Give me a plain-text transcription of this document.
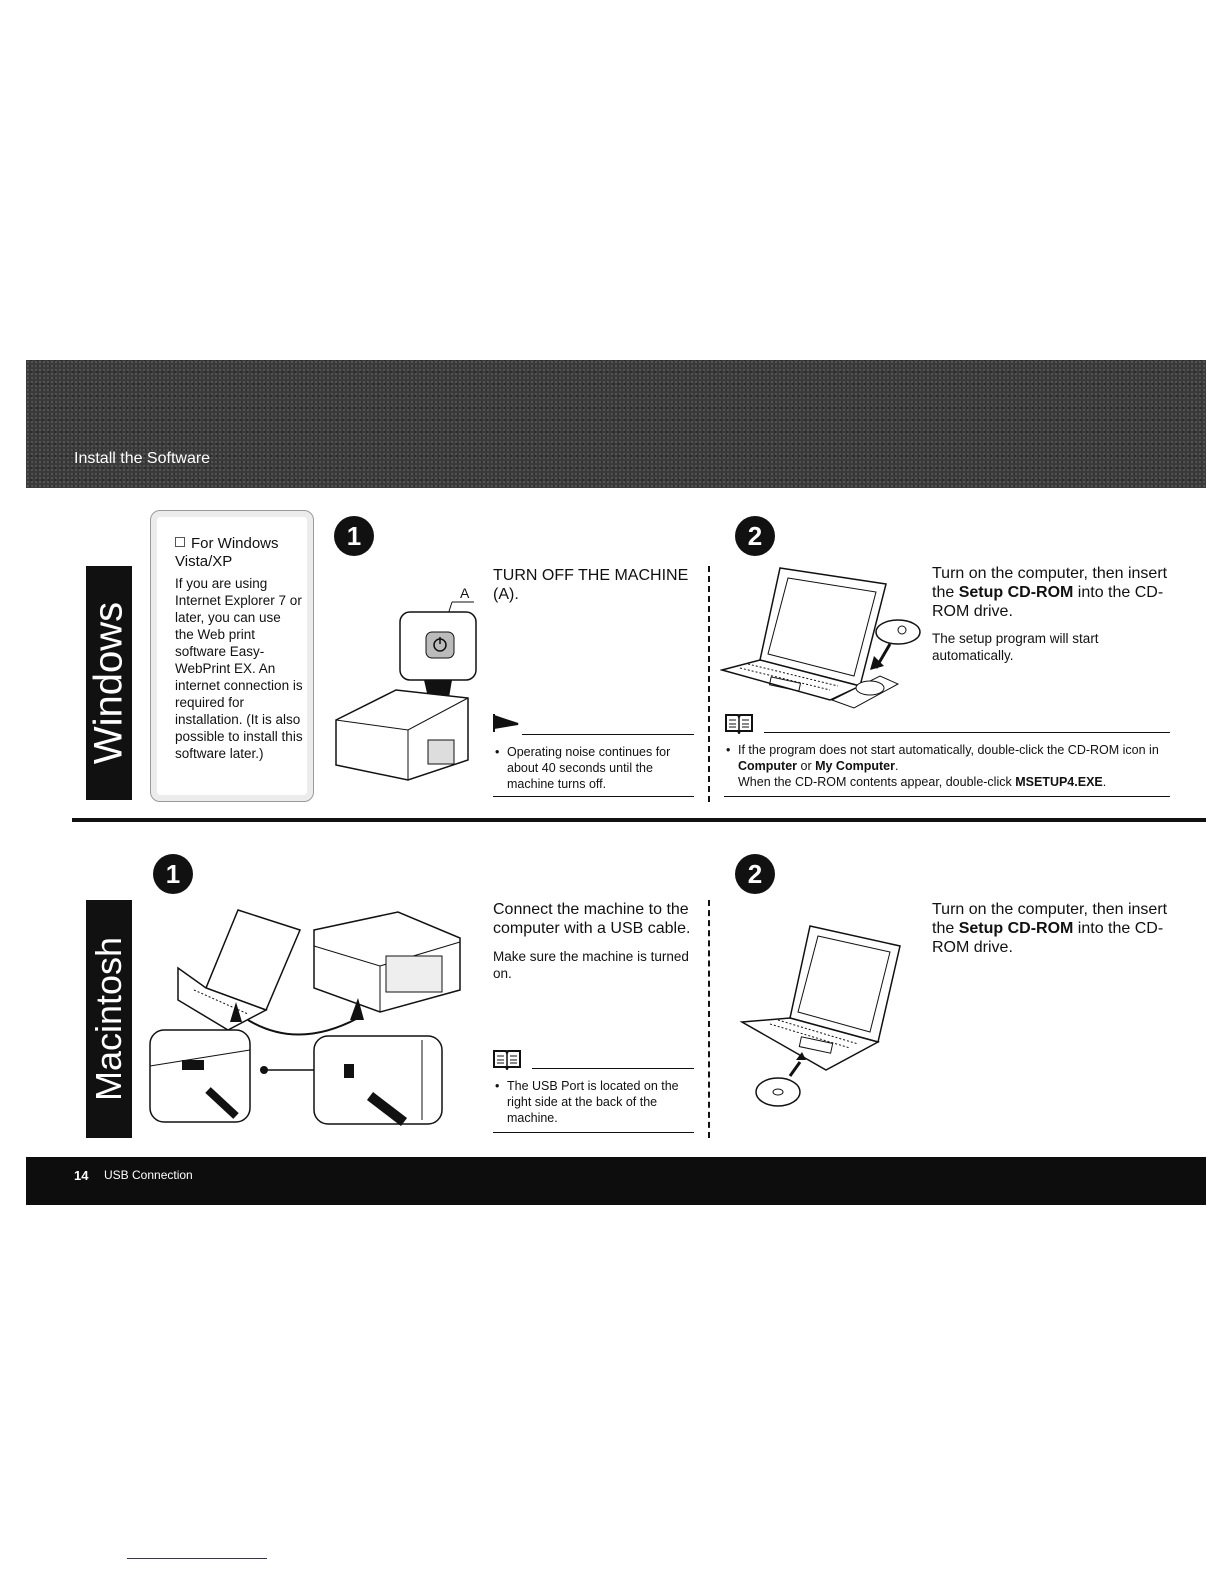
Install the Software
Windows
For Windows Vista/XP
If you are using Internet Explorer 7 or later, you can use the Web print software Easy-WebPrint EX. An internet connection is required for installation. (It is also possible to install this software later.)
1
A
TURN OFF THE MACHINE (A).
• Operating noise continues for about 40 seconds until the machine turns off.
2
Turn on the computer, then insert the Setup CD-ROM into the CD-ROM drive.
The setup program will start automatically.
• If the program does not start automatically, double-click the CD-ROM icon in Computer or My Computer.
When the CD-ROM contents appear, double-click MSETUP4.EXE.
Macintosh
1
Connect the machine to the computer with a USB cable.
Make sure the machine is turned on.
• The USB Port is located on the right side at the back of the machine.
2
Turn on the computer, then insert the Setup CD-ROM into the CD-ROM drive.
14 USB Connection
